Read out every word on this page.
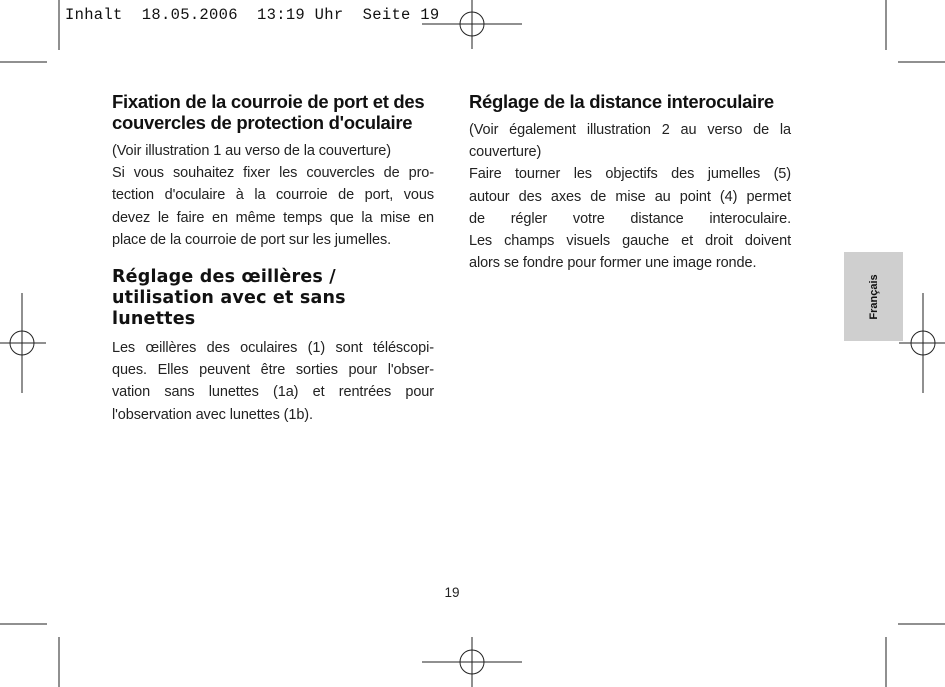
Inhalt  18.05.2006  13:19 Uhr  Seite 19
Fixation de la courroie de port et des couvercles de protection d'oculaire

(Voir illustration 1 au verso de la couverture)
Si vous souhaitez fixer les couvercles de pro-
tection d'oculaire à la courroie de port, vous
devez le faire en même temps que la mise en
place de la courroie de port sur les jumelles.

Réglage des œillères / utilisation avec et sans lunettes

Les œillères des oculaires (1) sont téléscopi-
ques. Elles peuvent être sorties pour l'obser-
vation sans lunettes (1a) et rentrées pour
l'observation avec lunettes (1b).

Réglage de la distance interoculaire

(Voir également illustration 2 au verso de la
couverture)
Faire tourner les objectifs des jumelles (5)
autour des axes de mise au point (4) permet
de régler votre distance interoculaire.
Les champs visuels gauche et droit doivent
alors se fondre pour former une image ronde.

Français
19
